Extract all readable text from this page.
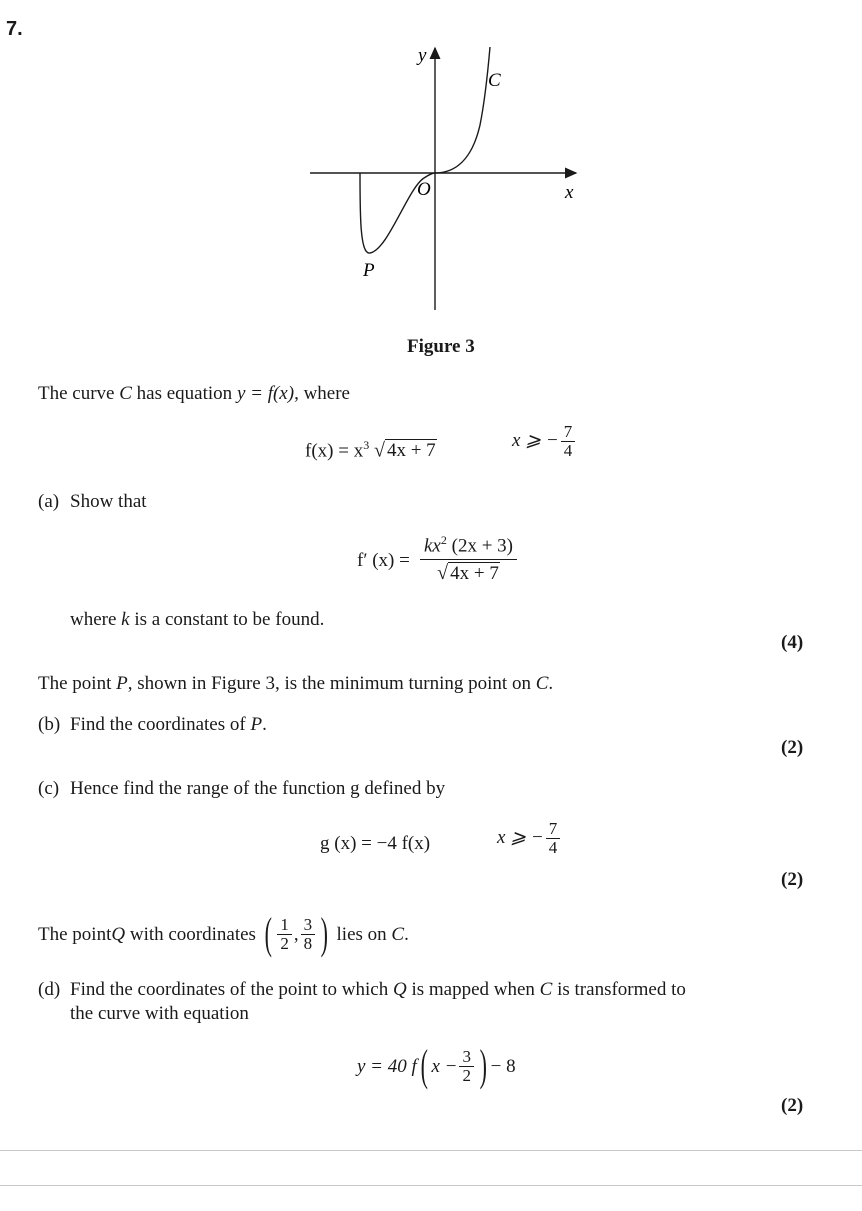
7.
y
x
O
C
P
Figure 3
The curve C has equation y = f(x), where
$f(x) = x^3$ √ 4x + 7	x ⩾ − $\frac{7}{4}$
(a) Show that
f′ (x) =
$kx^2$ (2x + 3)
√ 4x + 7
where k is a constant to be found.
(4)
The point P, shown in Figure 3, is the minimum turning point on C.
(b) Find the coordinates of P.
(2)
(c) Hence find the range of the function g defined by
g (x) = −4 f(x)	x ⩾ − $\frac{7}{4}$
(2)
The point Q with coordinates ( $\frac{1}{2}$ , $\frac{3}{8}$ ) lies on C .
(d) Find the coordinates of the point to which Q is mapped when C is transformed to
the curve with equation
y = 40 f ( $x - \frac{3}{2}$ ) − 8
(2)
